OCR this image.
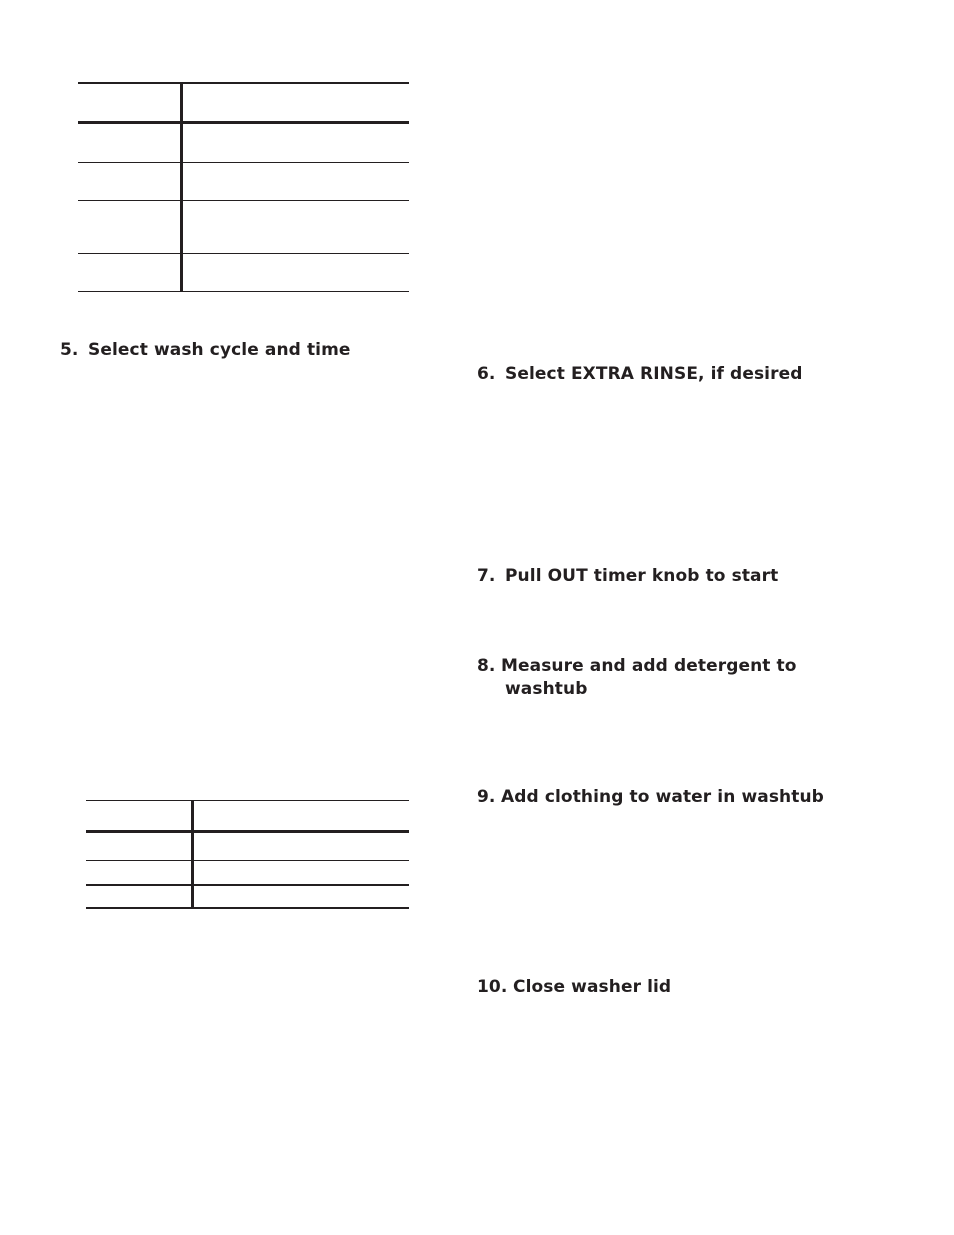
5. Select wash cycle and time
6. Select EXTRA RINSE, if desired
7. Pull OUT timer knob to start
8. Measure and add detergent to
washtub
9. Add clothing to water in washtub
10. Close washer lid
